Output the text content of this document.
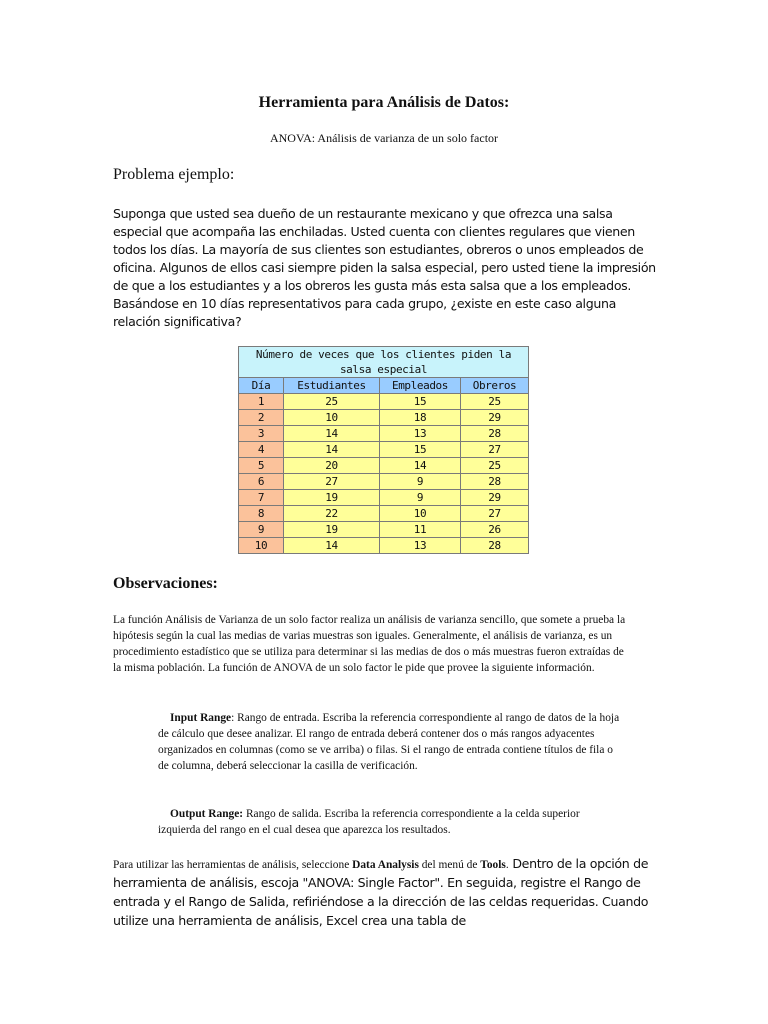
Herramienta para Análisis de Datos:
ANOVA: Análisis de varianza de un solo factor
Problema ejemplo:
Suponga que usted sea dueño de un restaurante mexicano y que ofrezca una salsa especial que acompaña las enchiladas. Usted cuenta con clientes regulares que vienen todos los días. La mayoría de sus clientes son estudiantes, obreros o unos empleados de oficina. Algunos de ellos casi siempre piden la salsa especial, pero usted tiene la impresión de que a los estudiantes y a los obreros les gusta más esta salsa que a los empleados. Basándose en 10 días representativos para cada grupo, ¿existe en este caso alguna relación significativa?
Número de veces que los clientes piden la salsa especial			
Día	Estudiantes	Empleados	Obreros
1	25	15	25
2	10	18	29
3	14	13	28
4	14	15	27
5	20	14	25
6	27	9	28
7	19	9	29
8	22	10	27
9	19	11	26
10	14	13	28
Observaciones:
La función Análisis de Varianza de un solo factor realiza un análisis de varianza sencillo, que somete a prueba la hipótesis según la cual las medias de varias muestras son iguales. Generalmente, el análisis de varianza, es un procedimiento estadístico que se utiliza para determinar si las medias de dos o más muestras fueron extraídas de la misma población. La función de ANOVA de un solo factor le pide que provee la siguiente información.
Input Range: Rango de entrada. Escriba la referencia correspondiente al rango de datos de la hoja de cálculo que desee analizar. El rango de entrada deberá contener dos o más rangos adyacentes organizados en columnas (como se ve arriba) o filas. Si el rango de entrada contiene títulos de fila o de columna, deberá seleccionar la casilla de verificación.
Output Range: Rango de salida. Escriba la referencia correspondiente a la celda superior izquierda del rango en el cual desea que aparezca los resultados.
Para utilizar las herramientas de análisis, seleccione Data Analysis del menú de Tools. Dentro de la opción de herramienta de análisis, escoja "ANOVA: Single Factor". En seguida, registre el Rango de entrada y el Rango de Salida, refiriéndose a la dirección de las celdas requeridas. Cuando utilize una herramienta de análisis, Excel crea una tabla de
